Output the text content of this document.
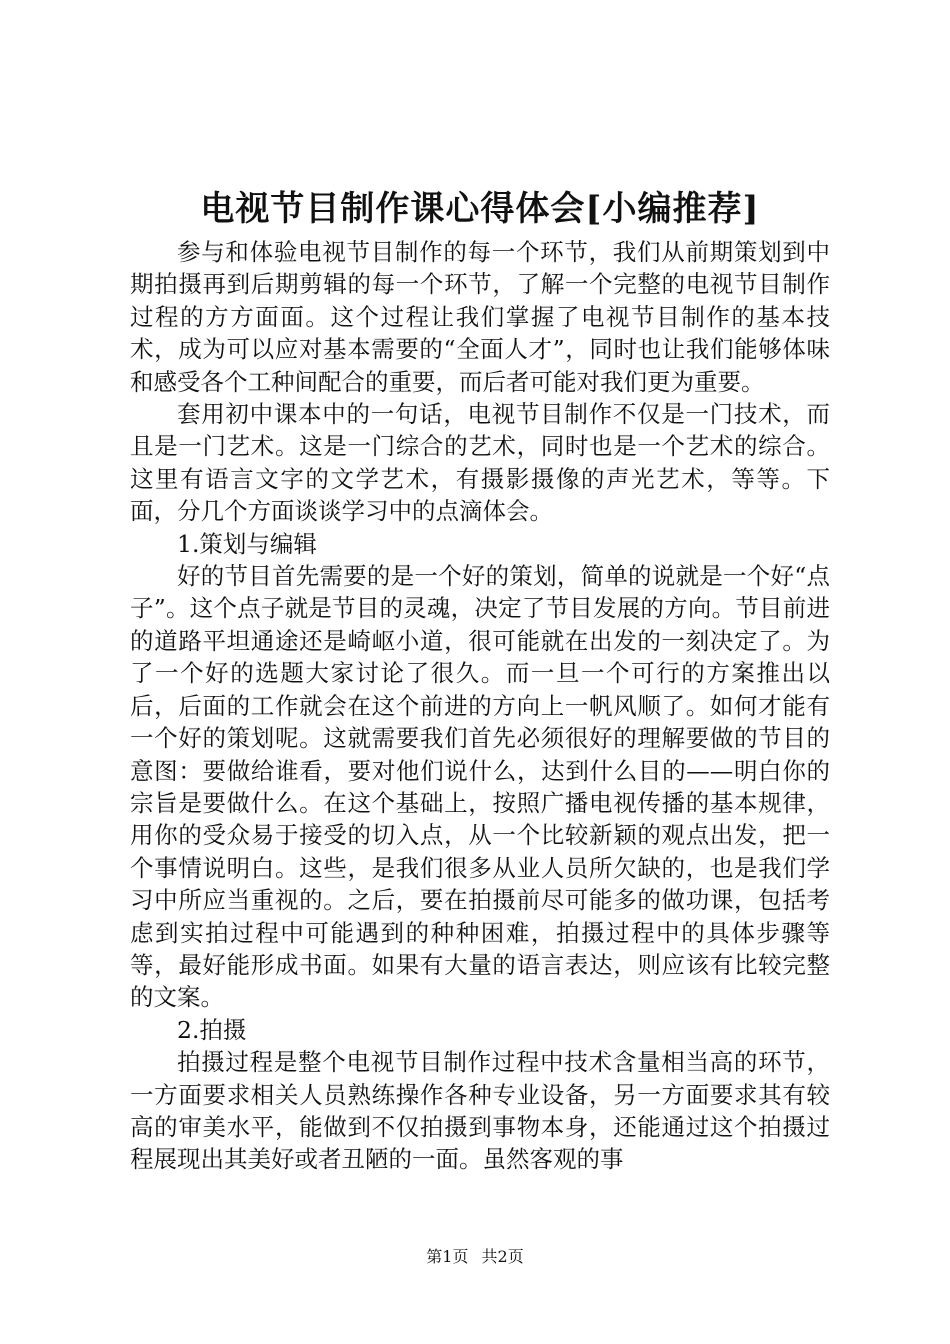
电视节目制作课心得体会[小编推荐]

参与和体验电视节目制作的每一个环节，我们从前期策划到中期拍摄再到后期剪辑的每一个环节，了解一个完整的电视节目制作过程的方方面面。这个过程让我们掌握了电视节目制作的基本技术，成为可以应对基本需要的“全面人才”，同时也让我们能够体味和感受各个工种间配合的重要，而后者可能对我们更为重要。

套用初中课本中的一句话，电视节目制作不仅是一门技术，而且是一门艺术。这是一门综合的艺术，同时也是一个艺术的综合。这里有语言文字的文学艺术，有摄影摄像的声光艺术，等等。下面，分几个方面谈谈学习中的点滴体会。

1.策划与编辑

好的节目首先需要的是一个好的策划，简单的说就是一个好“点子”。这个点子就是节目的灵魂，决定了节目发展的方向。节目前进的道路平坦通途还是崎岖小道，很可能就在出发的一刻决定了。为了一个好的选题大家讨论了很久。而一旦一个可行的方案推出以后，后面的工作就会在这个前进的方向上一帆风顺了。如何才能有一个好的策划呢。这就需要我们首先必须很好的理解要做的节目的意图：要做给谁看，要对他们说什么，达到什么目的——明白你的宗旨是要做什么。在这个基础上，按照广播电视传播的基本规律，用你的受众易于接受的切入点，从一个比较新颖的观点出发，把一个事情说明白。这些，是我们很多从业人员所欠缺的，也是我们学习中所应当重视的。之后，要在拍摄前尽可能多的做功课，包括考虑到实拍过程中可能遇到的种种困难，拍摄过程中的具体步骤等等，最好能形成书面。如果有大量的语言表达，则应该有比较完整的文案。

2.拍摄

拍摄过程是整个电视节目制作过程中技术含量相当高的环节，一方面要求相关人员熟练操作各种专业设备，另一方面要求其有较高的审美水平，能做到不仅拍摄到事物本身，还能通过这个拍摄过程展现出其美好或者丑陋的一面。虽然客观的事

第1页 共2页
